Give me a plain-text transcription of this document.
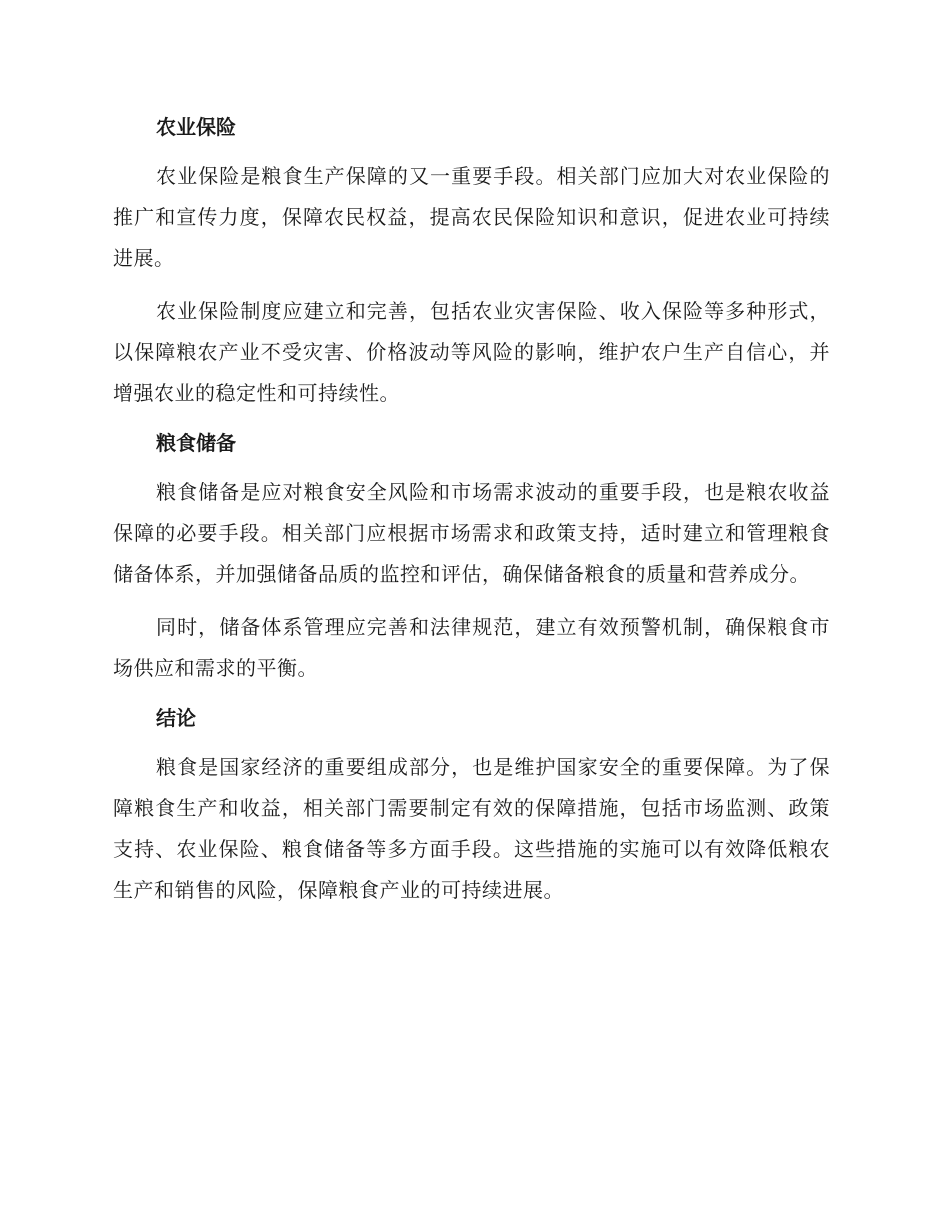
农业保险

农业保险是粮食生产保障的又一重要手段。相关部门应加大对农业保险的推广和宣传力度，保障农民权益，提高农民保险知识和意识，促进农业可持续进展。

农业保险制度应建立和完善，包括农业灾害保险、收入保险等多种形式，以保障粮农产业不受灾害、价格波动等风险的影响，维护农户生产自信心，并增强农业的稳定性和可持续性。

粮食储备

粮食储备是应对粮食安全风险和市场需求波动的重要手段，也是粮农收益保障的必要手段。相关部门应根据市场需求和政策支持，适时建立和管理粮食储备体系，并加强储备品质的监控和评估，确保储备粮食的质量和营养成分。

同时，储备体系管理应完善和法律规范，建立有效预警机制，确保粮食市场供应和需求的平衡。

结论

粮食是国家经济的重要组成部分，也是维护国家安全的重要保障。为了保障粮食生产和收益，相关部门需要制定有效的保障措施，包括市场监测、政策支持、农业保险、粮食储备等多方面手段。这些措施的实施可以有效降低粮农生产和销售的风险，保障粮食产业的可持续进展。
